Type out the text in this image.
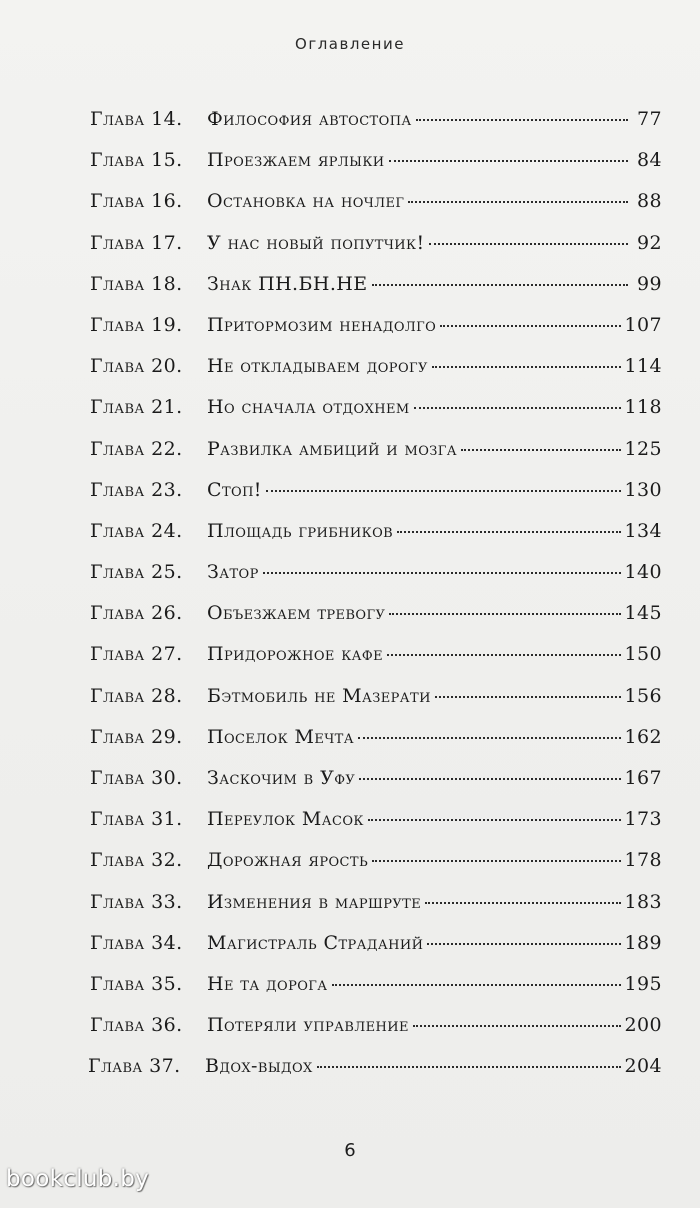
Оглавление
Глава 14.	Философия автостопа	77
Глава 15.	Проезжаем ярлыки	84
Глава 16.	Остановка на ночлег	88
Глава 17.	У нас новый попутчик!	92
Глава 18.	Знак ПН.БН.НЕ	99
Глава 19.	Притормозим ненадолго	107
Глава 20.	Не откладываем дорогу	114
Глава 21.	Но сначала отдохнем	118
Глава 22.	Развилка амбиций и мозга	125
Глава 23.	Стоп!	130
Глава 24.	Площадь грибников	134
Глава 25.	Затор	140
Глава 26.	Объезжаем тревогу	145
Глава 27.	Придорожное кафе	150
Глава 28.	Бэтмобиль не Мазерати	156
Глава 29.	Поселок Мечта	162
Глава 30.	Заскочим в Уфу	167
Глава 31.	Переулок Масок	173
Глава 32.	Дорожная ярость	178
Глава 33.	Изменения в маршруте	183
Глава 34.	Магистраль Страданий	189
Глава 35.	Не та дорога	195
Глава 36.	Потеряли управление	200
Глава 37.	Вдох-выдох	204
6
bookclub.by
